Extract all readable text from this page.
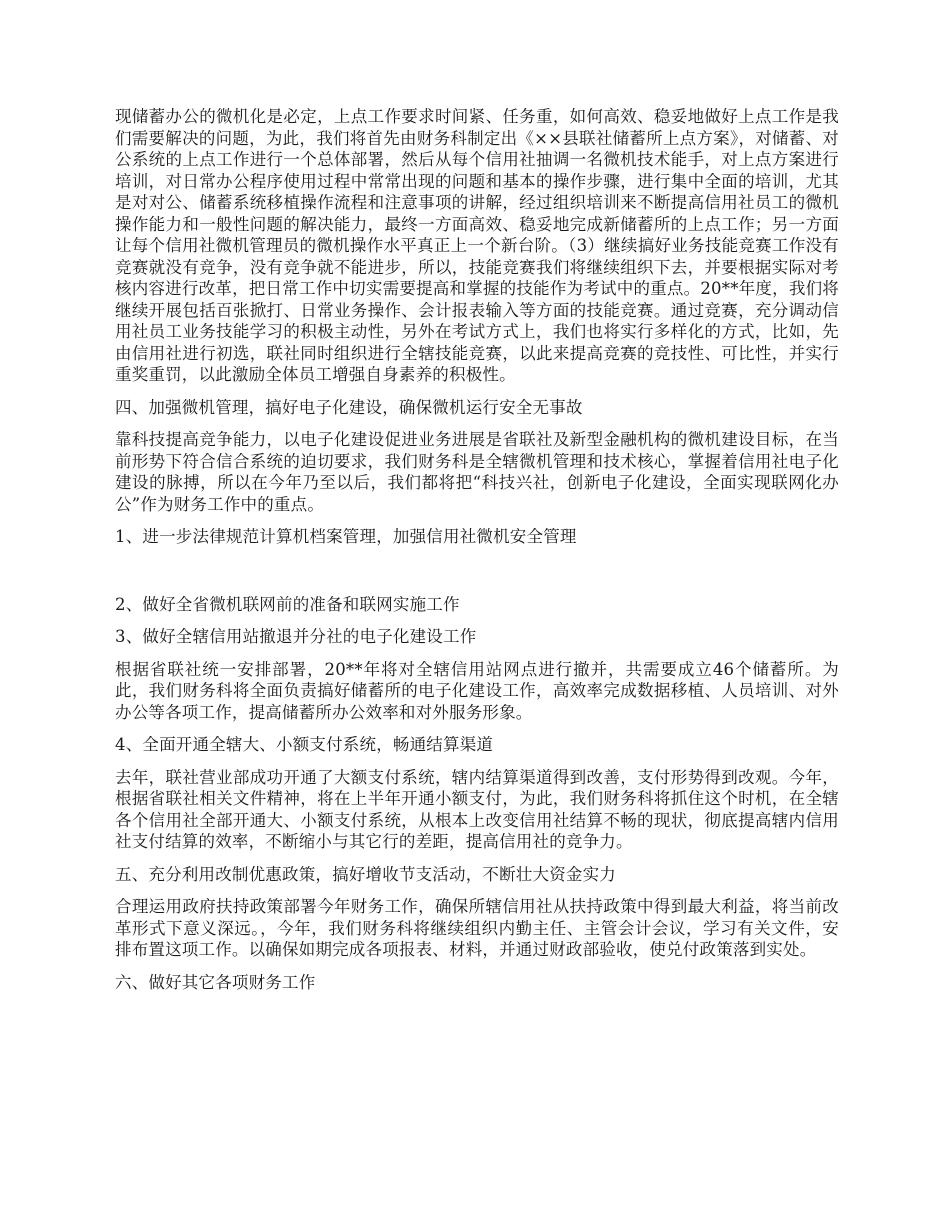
现储蓄办公的微机化是必定，上点工作要求时间紧、任务重，如何高效、稳妥地做好上点工作是我们需要解决的问题，为此，我们将首先由财务科制定出《××县联社储蓄所上点方案》，对储蓄、对公系统的上点工作进行一个总体部署，然后从每个信用社抽调一名微机技术能手，对上点方案进行培训，对日常办公程序使用过程中常常出现的问题和基本的操作步骤，进行集中全面的培训，尤其是对对公、储蓄系统移植操作流程和注意事项的讲解，经过组织培训来不断提高信用社员工的微机操作能力和一般性问题的解决能力，最终一方面高效、稳妥地完成新储蓄所的上点工作；另一方面让每个信用社微机管理员的微机操作水平真正上一个新台阶。（3）继续搞好业务技能竞赛工作没有竞赛就没有竞争，没有竞争就不能进步，所以，技能竞赛我们将继续组织下去，并要根据实际对考核内容进行改革，把日常工作中切实需要提高和掌握的技能作为考试中的重点。20**年度，我们将继续开展包括百张掀打、日常业务操作、会计报表输入等方面的技能竞赛。通过竞赛，充分调动信用社员工业务技能学习的积极主动性，另外在考试方式上，我们也将实行多样化的方式，比如，先由信用社进行初选，联社同时组织进行全辖技能竞赛，以此来提高竞赛的竞技性、可比性，并实行重奖重罚，以此激励全体员工增强自身素养的积极性。

四、加强微机管理，搞好电子化建设，确保微机运行安全无事故

靠科技提高竞争能力，以电子化建设促进业务进展是省联社及新型金融机构的微机建设目标，在当前形势下符合信合系统的迫切要求，我们财务科是全辖微机管理和技术核心，掌握着信用社电子化建设的脉搏，所以在今年乃至以后，我们都将把“科技兴社，创新电子化建设，全面实现联网化办公”作为财务工作中的重点。

1、进一步法律规范计算机档案管理，加强信用社微机安全管理

2、做好全省微机联网前的准备和联网实施工作

3、做好全辖信用站撤退并分社的电子化建设工作

根据省联社统一安排部署，20**年将对全辖信用站网点进行撤并，共需要成立46个储蓄所。为此，我们财务科将全面负责搞好储蓄所的电子化建设工作，高效率完成数据移植、人员培训、对外办公等各项工作，提高储蓄所办公效率和对外服务形象。

4、全面开通全辖大、小额支付系统，畅通结算渠道

去年，联社营业部成功开通了大额支付系统，辖内结算渠道得到改善，支付形势得到改观。今年，根据省联社相关文件精神，将在上半年开通小额支付，为此，我们财务科将抓住这个时机，在全辖各个信用社全部开通大、小额支付系统，从根本上改变信用社结算不畅的现状，彻底提高辖内信用社支付结算的效率，不断缩小与其它行的差距，提高信用社的竞争力。

五、充分利用改制优惠政策，搞好增收节支活动，不断壮大资金实力

合理运用政府扶持政策部署今年财务工作，确保所辖信用社从扶持政策中得到最大利益，将当前改革形式下意义深远。，今年，我们财务科将继续组织内勤主任、主管会计会议，学习有关文件，安排布置这项工作。以确保如期完成各项报表、材料，并通过财政部验收，使兑付政策落到实处。

六、做好其它各项财务工作
